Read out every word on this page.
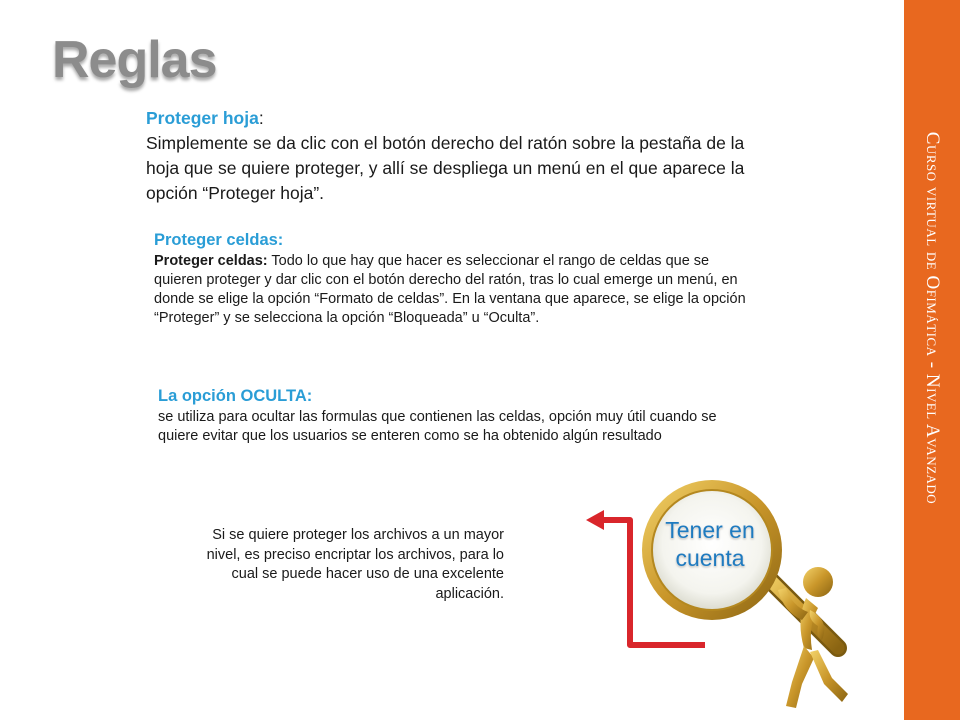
Reglas
Curso virtual de Ofimática - Nivel Avanzado
Proteger hoja:
Simplemente se da clic con el botón derecho del ratón sobre la pestaña de la hoja que se quiere proteger, y allí se despliega un menú en el que aparece la opción “Proteger hoja”.
Proteger celdas:
Proteger celdas: Todo lo que hay que hacer es seleccionar el rango de celdas que se quieren proteger y dar clic con el botón derecho del ratón, tras lo cual emerge un menú, en donde se elige la opción “Formato de celdas”. En la ventana que aparece, se elige la opción “Proteger” y se selecciona la opción “Bloqueada” u “Oculta”.
La opción OCULTA:
se utiliza para ocultar las formulas que contienen las celdas, opción muy útil cuando se quiere evitar que los usuarios se enteren como se ha obtenido algún resultado
Si se quiere proteger los archivos a un mayor nivel, es preciso encriptar los archivos, para lo cual se puede hacer uso de una excelente aplicación.
Tener en
cuenta
